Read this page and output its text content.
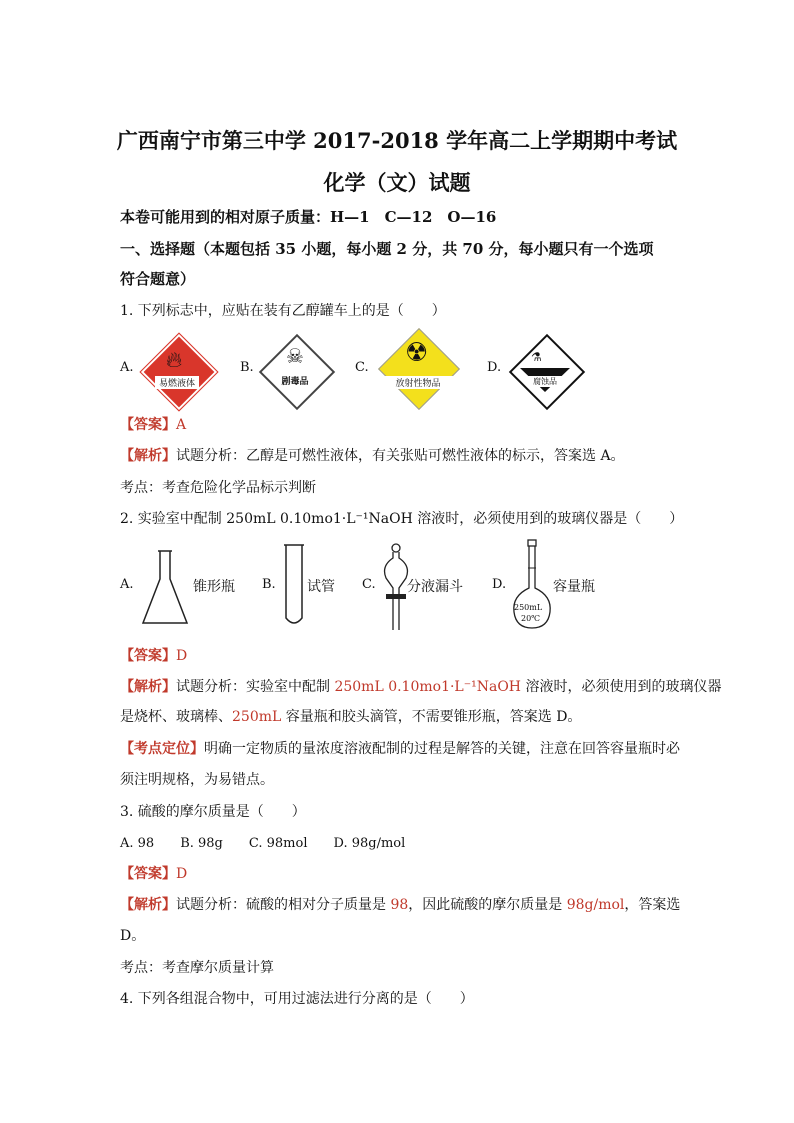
广西南宁市第三中学 2017-2018 学年高二上学期期中考试
化学（文）试题
本卷可能用到的相对原子质量：H—1　C—12　O—16
一、选择题（本题包括 35 小题，每小题 2 分，共 70 分，每小题只有一个选项
符合题意）
1. 下列标志中，应贴在装有乙醇罐车上的是（　　）
A. 🔥︎
易燃液体
B. ☠
剧毒品
C. ☢
放射性物品
D.
⚗
腐蚀品
【答案】A
【解析】试题分析：乙醇是可燃性液体，有关张贴可燃性液体的标示，答案选 A。
考点：考查危险化学品标示判断
2. 实验室中配制 250mL 0.10mo1·L⁻¹NaOH 溶液时，必须使用到的玻璃仪器是（　　）
A.	锥形瓶 B. 试管 C. 分液漏斗 D.
250mL
20℃
容量瓶
【答案】D
【解析】试题分析：实验室中配制 250mL 0.10mo1·L⁻¹NaOH 溶液时，必须使用到的玻璃仪器
是烧杯、玻璃棒、250mL 容量瓶和胶头滴管，不需要锥形瓶，答案选 D。
【考点定位】明确一定物质的量浓度溶液配制的过程是解答的关键，注意在回答容量瓶时必
须注明规格，为易错点。
3. 硫酸的摩尔质量是（　　）
A. 98　　B. 98g　　C. 98mol　　D. 98g/mol
【答案】D
【解析】试题分析：硫酸的相对分子质量是 98，因此硫酸的摩尔质量是 98g/mol，答案选
D。
考点：考查摩尔质量计算
4. 下列各组混合物中，可用过滤法进行分离的是（　　）
